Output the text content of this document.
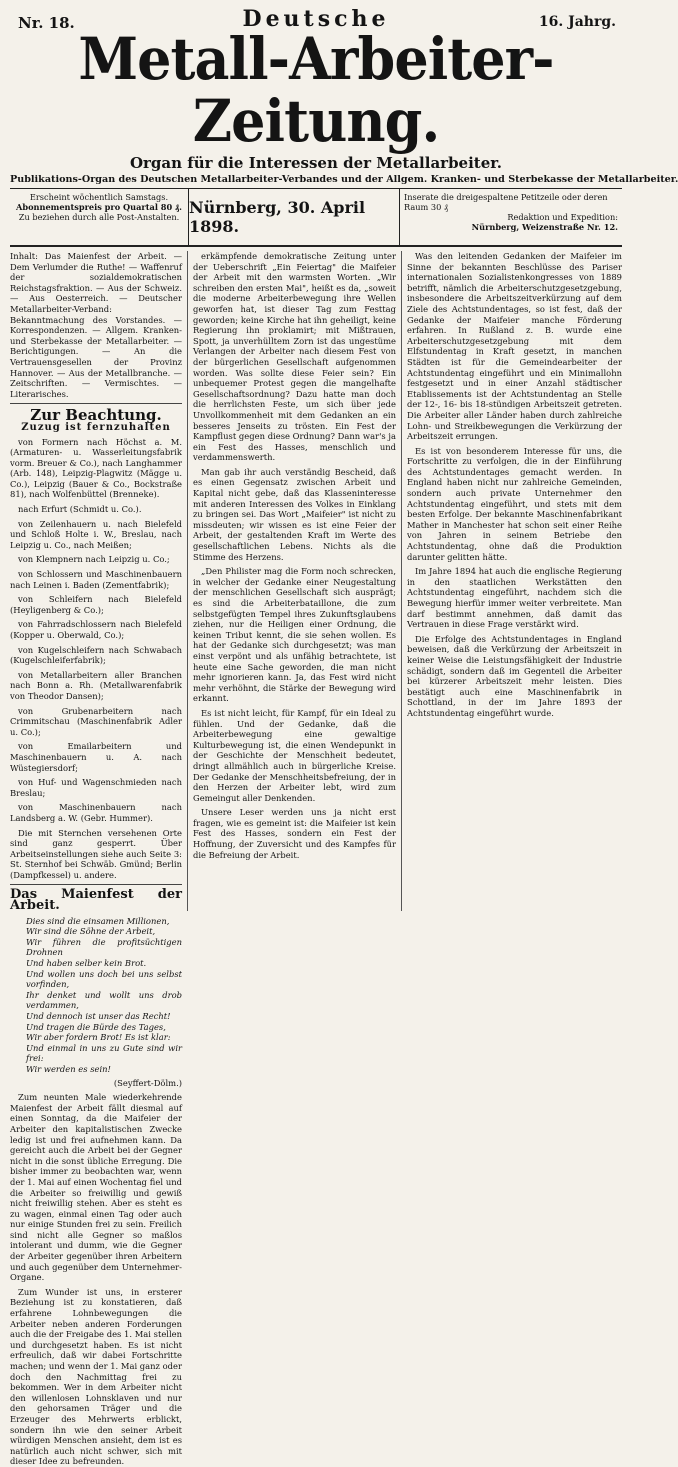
Nr. 18.	Deutsche	16. Jahrg.
Metall-Arbeiter-Zeitung.
Organ für die Interessen der Metallarbeiter.
Publikations-Organ des Deutschen Metallarbeiter-Verbandes und der Allgem. Kranken- und Sterbekasse der Metallarbeiter.
Erscheint wöchentlich Samstags.
Abonnementspreis pro Quartal 80 ₰.
Zu beziehen durch alle Post-Anstalten. Nürnberg, 30. April 1898.
Inserate die dreigespaltene Petitzeile oder deren Raum 30 ₰
Redaktion und Expedition:
Nürnberg, Weizenstraße Nr. 12.

Inhalt: Das Maienfest der Arbeit. — Dem Verlumder die Ruthe! — Waffenruf der sozialdemokratischen Reichstagsfraktion. — Aus der Schweiz. — Aus Oesterreich. — Deutscher Metallarbeiter-Verband: Bekanntmachung des Vorstandes. — Korrespondenzen. — Allgem. Kranken- und Sterbekasse der Metallarbeiter. — Berichtigungen. — An die Vertrauensgesellen der Provinz Hannover. — Aus der Metallbranche. — Zeitschriften. — Vermischtes. — Literarisches.

Zur Beachtung.
Zuzug ist fernzuhalten

von Formern nach Höchst a. M. (Armaturen- u. Wasserleitungsfabrik vorm. Breuer & Co.), nach Langhammer (Arb. 148), Leipzig-Plagwitz (Mägge u. Co.), Leipzig (Bauer & Co., Bockstraße 81), nach Wolfenbüttel (Brenneke).

nach Erfurt (Schmidt u. Co.).

von Zeilenhauern u. nach Bielefeld und Schloß Holte i. W., Breslau, nach Leipzig u. Co., nach Meißen;

von Klempnern nach Leipzig u. Co.;

von Schlossern und Maschinenbauern nach Leinen i. Baden (Zementfabrik);

von Schleifern nach Bielefeld (Heyligenberg & Co.);

von Fahrradschlossern nach Bielefeld (Kopper u. Oberwald, Co.);

von Kugelschleifern nach Schwabach (Kugelschleiferfabrik);

von Metallarbeitern aller Branchen nach Bonn a. Rh. (Metallwarenfabrik von Theodor Dansen);

von Grubenarbeitern nach Crimmitschau (Maschinenfabrik Adler u. Co.);

von Emailarbeitern und Maschinenbauern u. A. nach Wüstegiersdorf;

von Huf- und Wagenschmieden nach Breslau;

von Maschinenbauern nach Landsberg a. W. (Gebr. Hummer).

Die mit Sternchen versehenen Orte sind ganz gesperrt. Über Arbeitseinstellungen siehe auch Seite 3: St. Sternhof bei Schwäb. Gmünd; Berlin (Dampfkessel) u. andere.

Das Maienfest der Arbeit.
Dies sind die einsamen Millionen,
Wir sind die Söhne der Arbeit,
Wir führen die profitsüchtigen Drohnen
Und haben selber kein Brot.
Und wollen uns doch bei uns selbst vorfinden,
Ihr denket und wollt uns drob verdammen,
Und dennoch ist unser das Recht!
Und tragen die Bürde des Tages,
Wir aber fordern Brot! Es ist klar:
Und einmal in uns zu Gute sind wir frei:
Wir werden es sein!
(Seyffert-Dölm.)

Zum neunten Male wiederkehrende Maienfest der Arbeit fällt diesmal auf einen Sonntag, da die Maifeier der Arbeiter den kapitalistischen Zwecke ledig ist und frei aufnehmen kann. Da gereicht auch die Arbeit bei der Gegner nicht in die sonst übliche Erregung. Die bisher immer zu beobachten war, wenn der 1. Mai auf einen Wochentag fiel und die Arbeiter so freiwillig und gewiß nicht freiwillig stehen. Aber es steht es zu wagen, einmal einen Tag oder auch nur einige Stunden frei zu sein. Freilich sind nicht alle Gegner so maßlos intolerant und dumm, wie die Gegner der Arbeiter gegenüber ihren Arbeitern und auch gegenüber dem Unternehmer-Organe.

Zum Wunder ist uns, in ersterer Beziehung ist zu konstatieren, daß erfahrene Lohnbewegungen die Arbeiter neben anderen Forderungen auch die der Freigabe des 1. Mai stellen und durchgesetzt haben. Es ist nicht erfreulich, daß wir dabei Fortschritte machen; und wenn der 1. Mai ganz oder doch den Nachmittag frei zu bekommen. Wer in dem Arbeiter nicht den willenlosen Lohnsklaven und nur den gehorsamen Träger und die Erzeuger des Mehrwerts erblickt, sondern ihn wie den seiner Arbeit würdigen Menschen ansieht, dem ist es natürlich auch nicht schwer, sich mit dieser Idee zu befreunden.

erkämpfende demokratische Zeitung unter der Ueberschrift „Ein Feiertag" die Maifeier der Arbeit mit den warmsten Worten. „Wir schreiben den ersten Mai", heißt es da, „soweit die moderne Arbeiterbewegung ihre Wellen geworfen hat, ist dieser Tag zum Festtag geworden; keine Kirche hat ihn geheiligt, keine Regierung ihn proklamirt; mit Mißtrauen, Spott, ja unverhülltem Zorn ist das ungestüme Verlangen der Arbeiter nach diesem Fest von der bürgerlichen Gesellschaft aufgenommen worden. Was sollte diese Feier sein? Ein unbequemer Protest gegen die mangelhafte Gesellschaftsordnung? Dazu hatte man doch die herrlichsten Feste, um sich über jede Unvollkommenheit mit dem Gedanken an ein besseres Jenseits zu trösten. Ein Fest der Kampflust gegen diese Ordnung? Dann war's ja ein Fest des Hasses, menschlich und verdammenswerth.

Man gab ihr auch verständig Bescheid, daß es einen Gegensatz zwischen Arbeit und Kapital nicht gebe, daß das Klasseninteresse mit anderen Interessen des Volkes in Einklang zu bringen sei. Das Wort „Maifeier" ist nicht zu missdeuten; wir wissen es ist eine Feier der Arbeit, der gestaltenden Kraft im Werte des gesellschaftlichen Lebens. Nichts als die Stimme des Herzens.

„Den Philister mag die Form noch schrecken, in welcher der Gedanke einer Neugestaltung der menschlichen Gesellschaft sich ausprägt; es sind die Arbeiterbataillone, die zum selbstgefügten Tempel ihres Zukunftsglaubens ziehen, nur die Heiligen einer Ordnung, die keinen Tribut kennt, die sie sehen wollen. Es hat der Gedanke sich durchgesetzt; was man einst verpönt und als unfähig betrachtete, ist heute eine Sache geworden, die man nicht mehr ignorieren kann. Ja, das Fest wird nicht mehr verhöhnt, die Stärke der Bewegung wird erkannt.

Es ist nicht leicht, für Kampf, für ein Ideal zu fühlen. Und der Gedanke, daß die Arbeiterbewegung eine gewaltige Kulturbewegung ist, die einen Wendepunkt in der Geschichte der Menschheit bedeutet, dringt allmählich auch in bürgerliche Kreise. Der Gedanke der Menschheitsbefreiung, der in den Herzen der Arbeiter lebt, wird zum Gemeingut aller Denkenden.

Unsere Leser werden uns ja nicht erst fragen, wie es gemeint ist: die Maifeier ist kein Fest des Hasses, sondern ein Fest der Hoffnung, der Zuversicht und des Kampfes für die Befreiung der Arbeit.

Was den leitenden Gedanken der Maifeier im Sinne der bekannten Beschlüsse des Pariser internationalen Sozialistenkongresses von 1889 betrifft, nämlich die Arbeiterschutzgesetzgebung, insbesondere die Arbeitszeitverkürzung auf dem Ziele des Achtstundentages, so ist fest, daß der Gedanke der Maifeier manche Förderung erfahren. In Rußland z. B. wurde eine Arbeiterschutzgesetzgebung mit dem Elfstundentag in Kraft gesetzt, in manchen Städten ist für die Gemeindearbeiter der Achtstundentag eingeführt und ein Minimallohn festgesetzt und in einer Anzahl städtischer Etablissements ist der Achtstundentag an Stelle der 12-, 16- bis 18-stündigen Arbeitszeit getreten. Die Arbeiter aller Länder haben durch zahlreiche Lohn- und Streikbewegungen die Verkürzung der Arbeitszeit errungen.

Es ist von besonderem Interesse für uns, die Fortschritte zu verfolgen, die in der Einführung des Achtstundentages gemacht werden. In England haben nicht nur zahlreiche Gemeinden, sondern auch private Unternehmer den Achtstundentag eingeführt, und stets mit dem besten Erfolge. Der bekannte Maschinenfabrikant Mather in Manchester hat schon seit einer Reihe von Jahren in seinem Betriebe den Achtstundentag, ohne daß die Produktion darunter gelitten hätte.

Im Jahre 1894 hat auch die englische Regierung in den staatlichen Werkstätten den Achtstundentag eingeführt, nachdem sich die Bewegung hierfür immer weiter verbreitete. Man darf bestimmt annehmen, daß damit das Vertrauen in diese Frage verstärkt wird.

Die Erfolge des Achtstundentages in England beweisen, daß die Verkürzung der Arbeitszeit in keiner Weise die Leistungsfähigkeit der Industrie schädigt, sondern daß im Gegenteil die Arbeiter bei kürzerer Arbeitszeit mehr leisten. Dies bestätigt auch eine Maschinenfabrik in Schottland, in der im Jahre 1893 der Achtstundentag eingeführt wurde.
